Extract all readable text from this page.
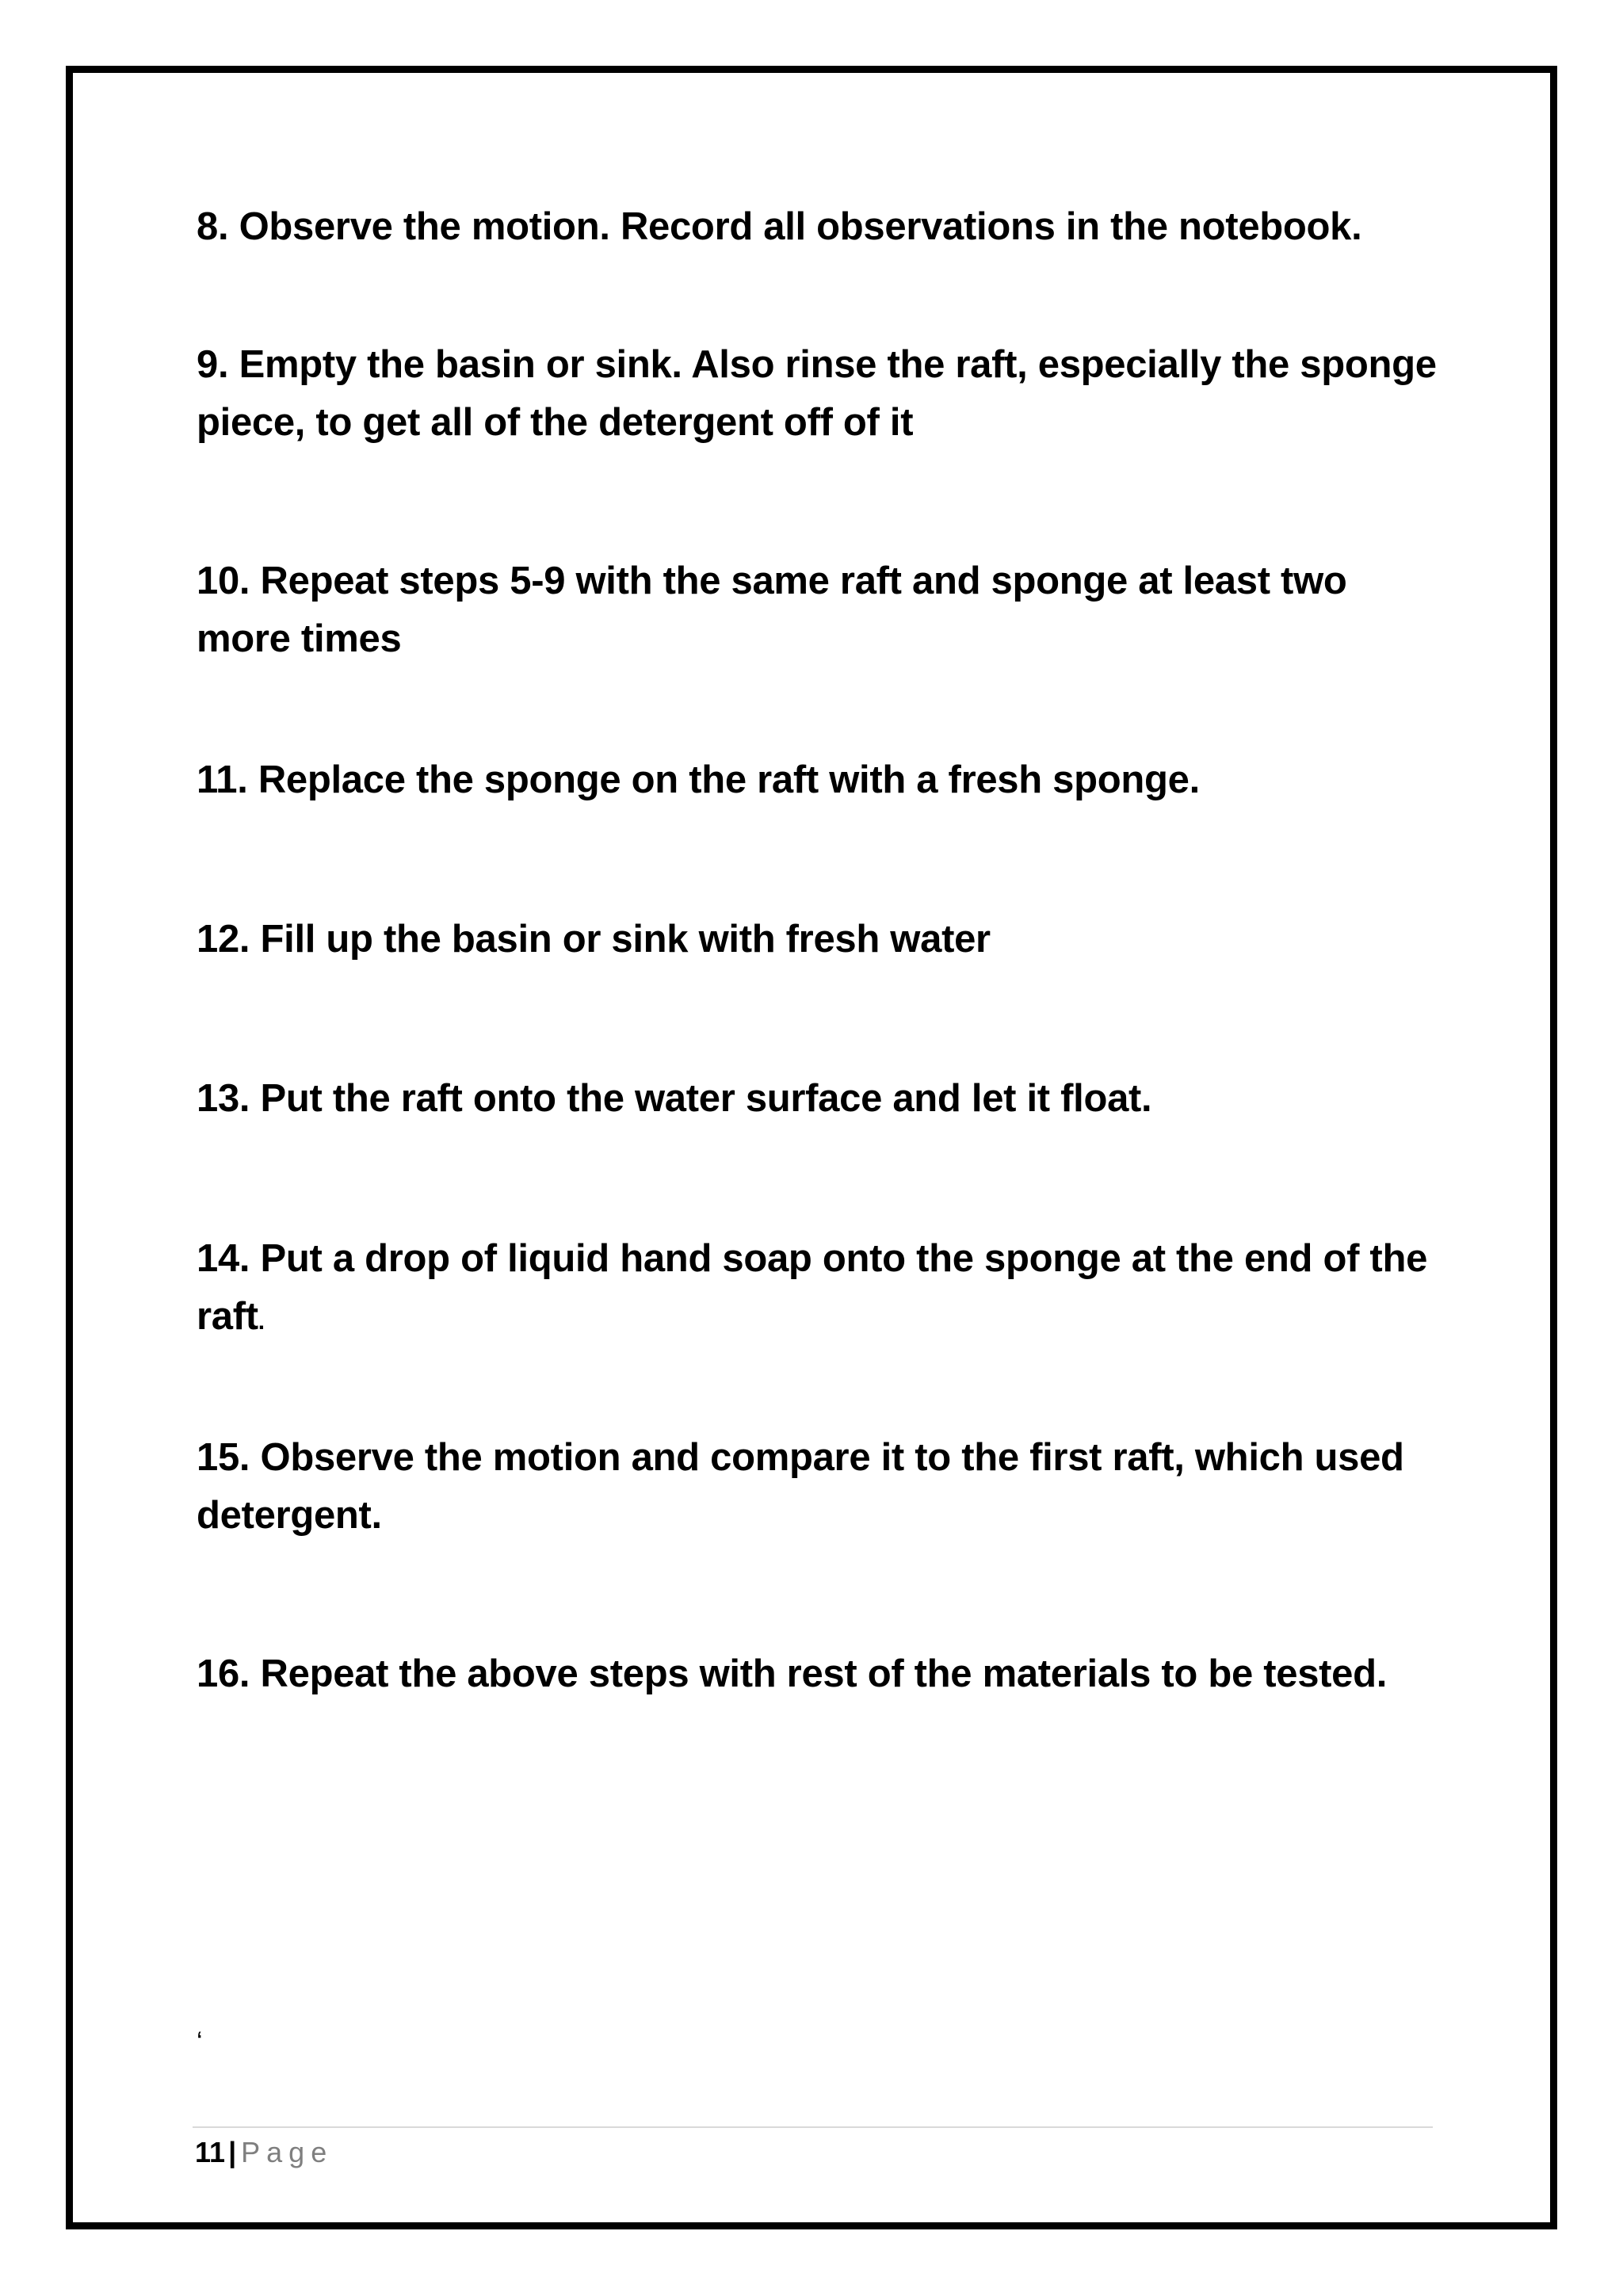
8. Observe the motion. Record all observations in the notebook.

9. Empty the basin or sink. Also rinse the raft, especially the sponge piece, to get all of the detergent off of it

10. Repeat steps 5-9 with the same raft and sponge at least two more times

11. Replace the sponge on the raft with a fresh sponge.

12. Fill up the basin or sink with fresh water

13. Put the raft onto the water surface and let it float.

14. Put a drop of liquid hand soap onto the sponge at the end of the raft.

15. Observe the motion and compare it to the first raft, which used detergent.

16. Repeat the above steps with rest of the materials to be tested.

‘
11 | Page
